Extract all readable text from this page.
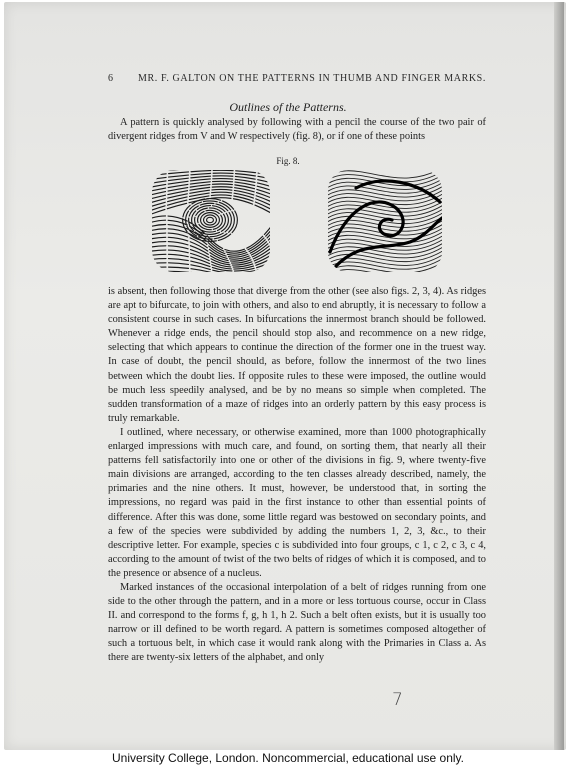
6 MR. F. GALTON ON THE PATTERNS IN THUMB AND FINGER MARKS.
Outlines of the Patterns.

A pattern is quickly analysed by following with a pencil the course of the two pair of divergent ridges from V and W respectively (fig. 8), or if one of these points

Fig. 8.

is absent, then following those that diverge from the other (see also figs. 2, 3, 4). As ridges are apt to bifurcate, to join with others, and also to end abruptly, it is necessary to follow a consistent course in such cases. In bifurcations the innermost branch should be followed. Whenever a ridge ends, the pencil should stop also, and recommence on a new ridge, selecting that which appears to continue the direction of the former one in the truest way. In case of doubt, the pencil should, as before, follow the innermost of the two lines between which the doubt lies. If opposite rules to these were imposed, the outline would be much less speedily analysed, and be by no means so simple when completed. The sudden transformation of a maze of ridges into an orderly pattern by this easy process is truly remarkable.

I outlined, where necessary, or otherwise examined, more than 1000 photographically enlarged impressions with much care, and found, on sorting them, that nearly all their patterns fell satisfactorily into one or other of the divisions in fig. 9, where twenty-five main divisions are arranged, according to the ten classes already described, namely, the primaries and the nine others. It must, however, be understood that, in sorting the impressions, no regard was paid in the first instance to other than essential points of difference. After this was done, some little regard was bestowed on secondary points, and a few of the species were subdivided by adding the numbers 1, 2, 3, &c., to their descriptive letter. For example, species c is subdivided into four groups, c 1, c 2, c 3, c 4, according to the amount of twist of the two belts of ridges of which it is composed, and to the presence or absence of a nucleus.

Marked instances of the occasional interpolation of a belt of ridges running from one side to the other through the pattern, and in a more or less tortuous course, occur in Class II. and correspond to the forms f, g, h 1, h 2. Such a belt often exists, but it is usually too narrow or ill defined to be worth regard. A pattern is sometimes composed altogether of such a tortuous belt, in which case it would rank along with the Primaries in Class a. As there are twenty-six letters of the alphabet, and only

7
University College, London. Noncommercial, educational use only.
